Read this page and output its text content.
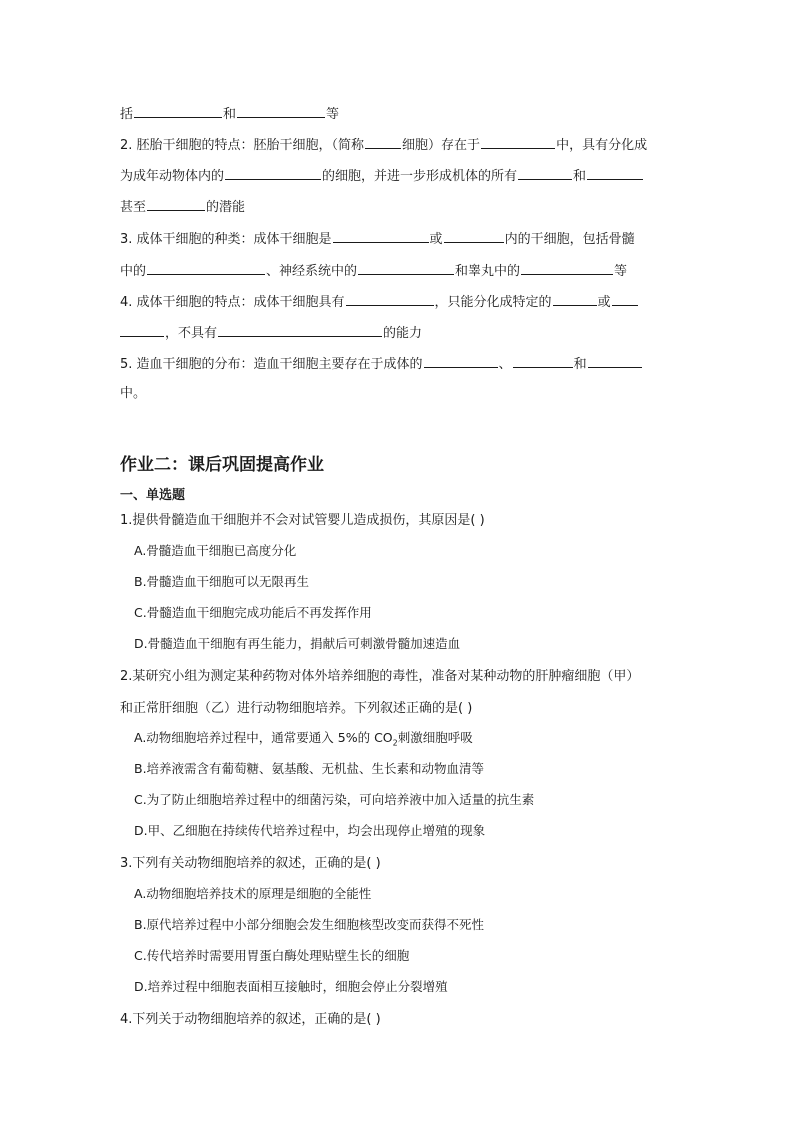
括	和	等
2. 胚胎干细胞的特点：胚胎干细胞，（简称	细胞）存在于	中，具有分化成
为成年动物体内的	的细胞，并进一步形成机体的所有	和
甚至	的潜能
3. 成体干细胞的种类：成体干细胞是	或	内的干细胞，包括骨髓
中的	、神经系统中的	和睾丸中的	等
4. 成体干细胞的特点：成体干细胞具有	，只能分化成特定的	或
，不具有	的能力
5. 造血干细胞的分布：造血干细胞主要存在于成体的	、	和
中。
作业二：课后巩固提高作业
一、单选题
1.提供骨髓造血干细胞并不会对试管婴儿造成损伤，其原因是( )
A.骨髓造血干细胞已高度分化
B.骨髓造血干细胞可以无限再生
C.骨髓造血干细胞完成功能后不再发挥作用
D.骨髓造血干细胞有再生能力，捐献后可刺激骨髓加速造血
2.某研究小组为测定某种药物对体外培养细胞的毒性，准备对某种动物的肝肿瘤细胞（甲）
和正常肝细胞（乙）进行动物细胞培养。下列叙述正确的是( )
A.动物细胞培养过程中，通常要通入 5%的 $CO_2$刺激细胞呼吸
B.培养液需含有葡萄糖、氨基酸、无机盐、生长素和动物血清等
C.为了防止细胞培养过程中的细菌污染，可向培养液中加入适量的抗生素
D.甲、乙细胞在持续传代培养过程中，均会出现停止增殖的现象
3.下列有关动物细胞培养的叙述，正确的是( )
A.动物细胞培养技术的原理是细胞的全能性
B.原代培养过程中小部分细胞会发生细胞核型改变而获得不死性
C.传代培养时需要用胃蛋白酶处理贴壁生长的细胞
D.培养过程中细胞表面相互接触时，细胞会停止分裂增殖
4.下列关于动物细胞培养的叙述，正确的是( )
